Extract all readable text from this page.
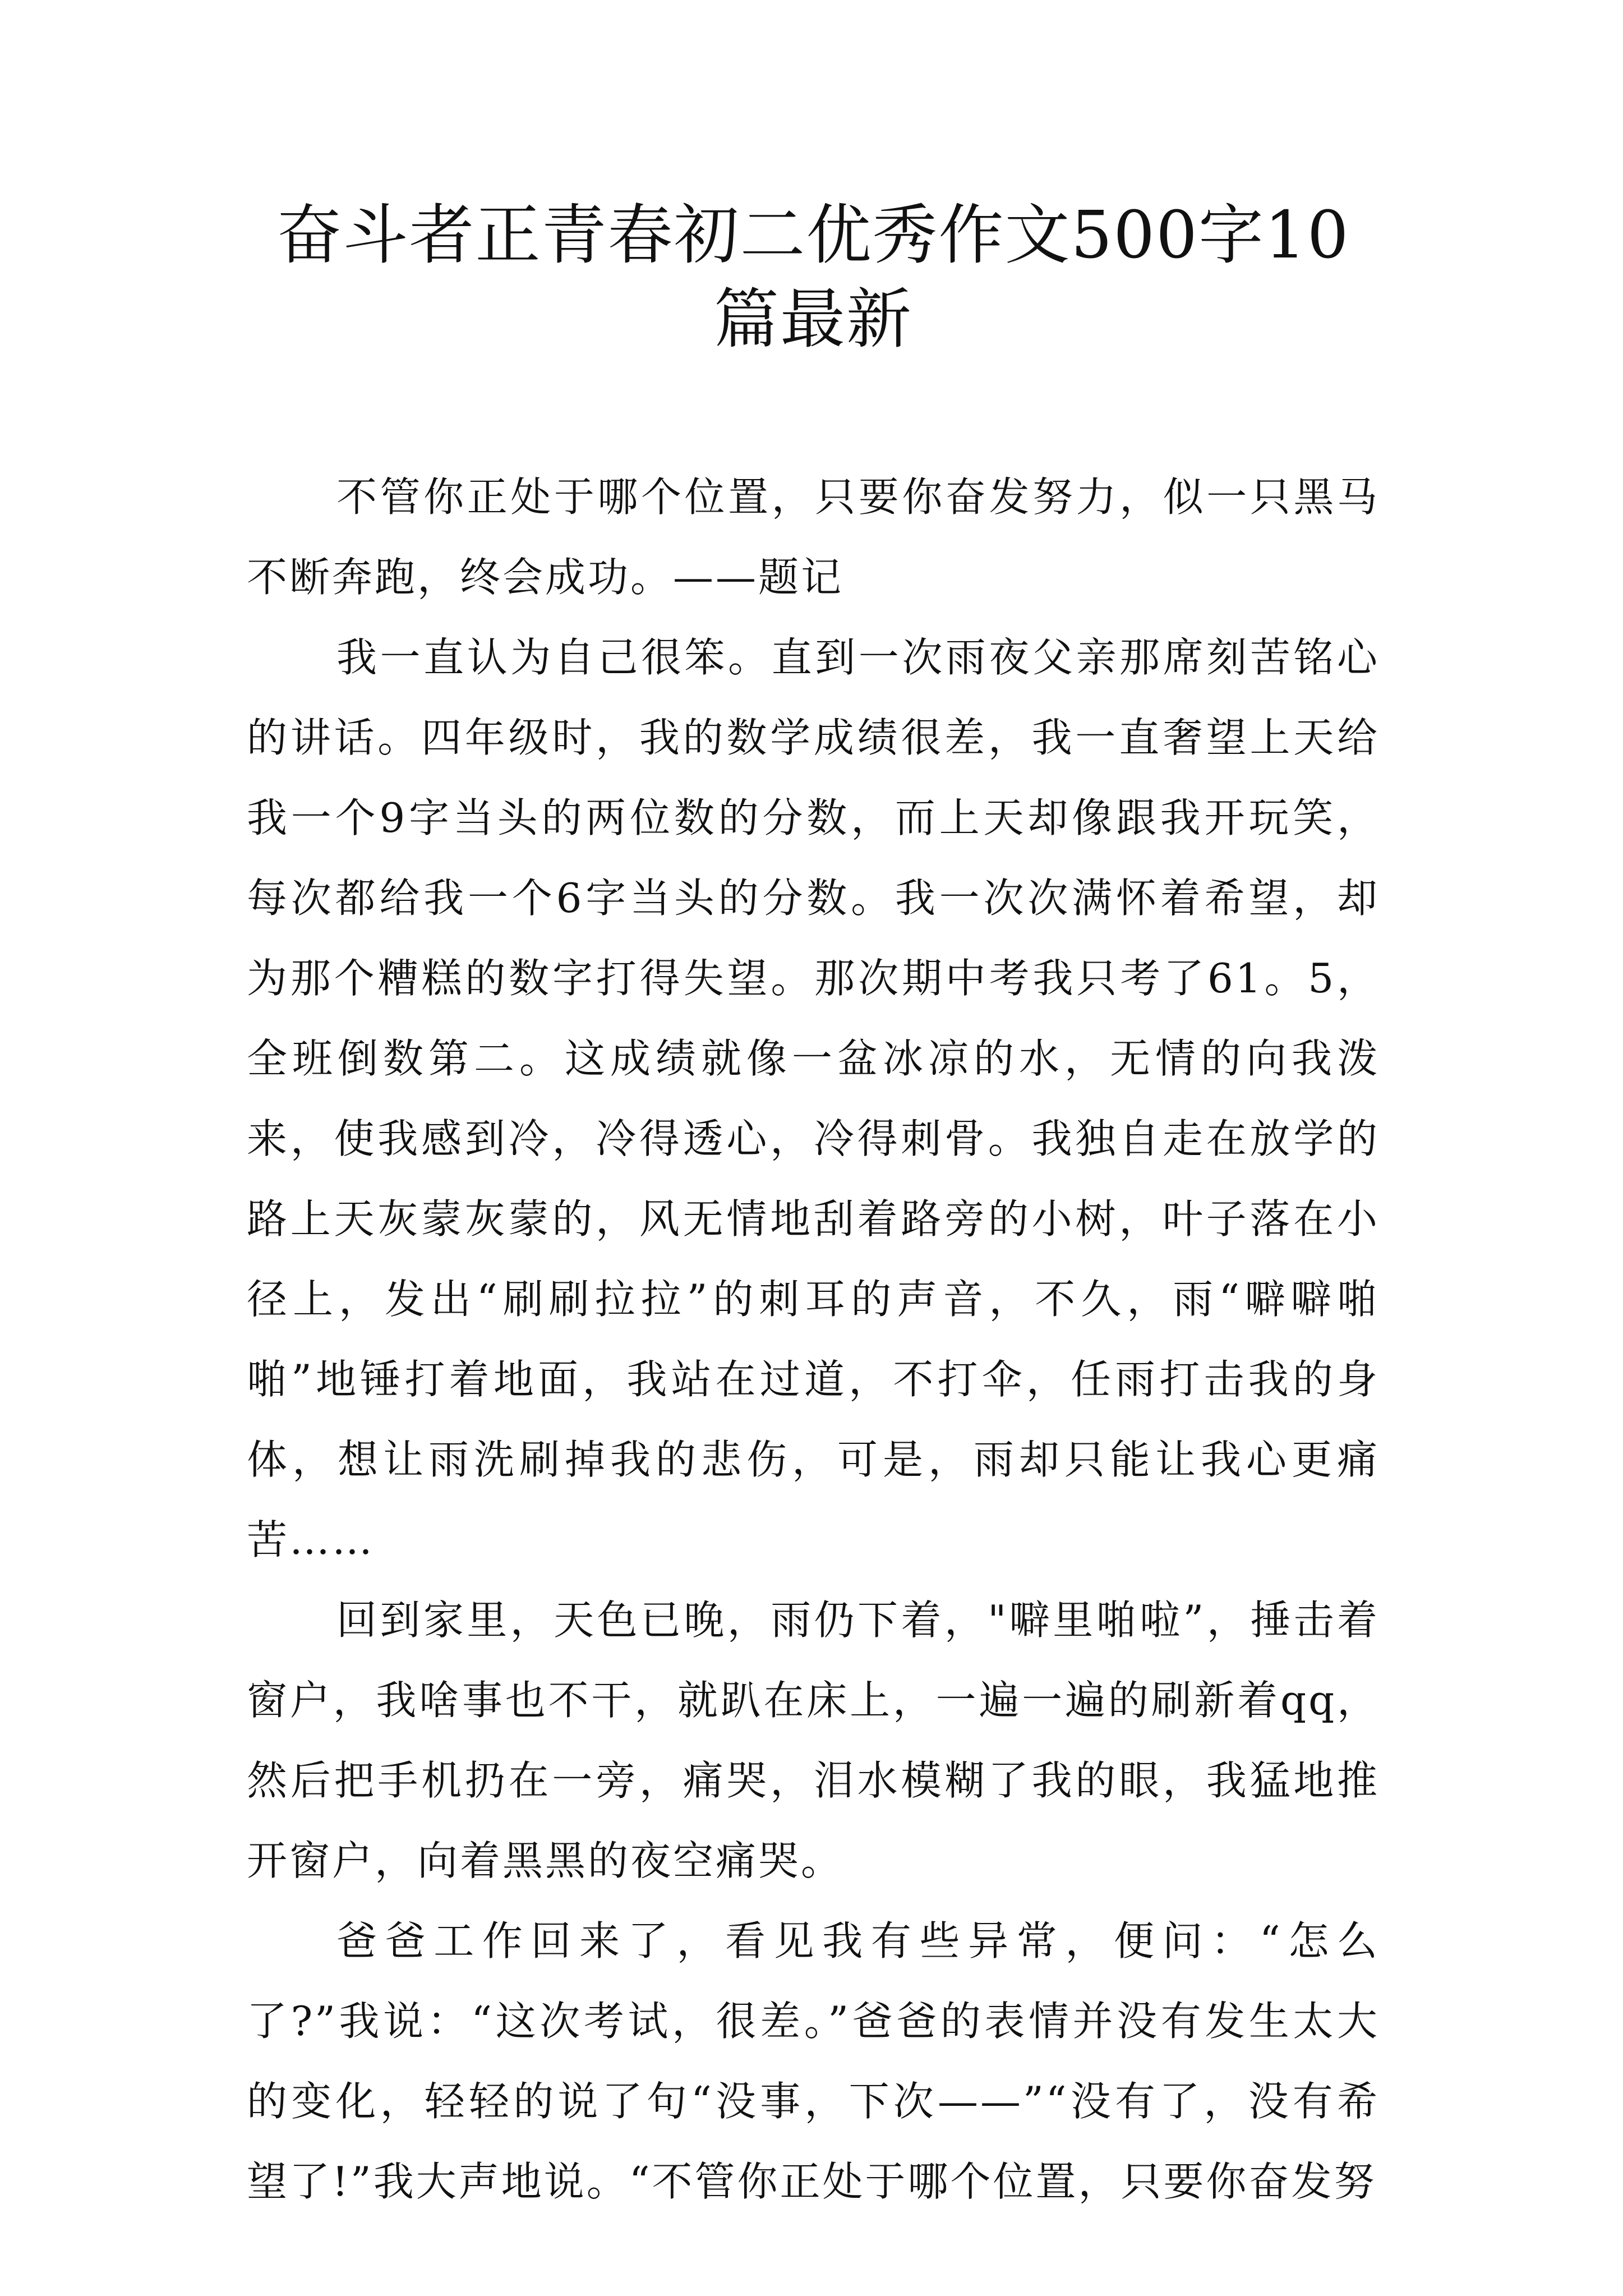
奋斗者正青春初二优秀作文500字10篇最新

不管你正处于哪个位置，只要你奋发努力，似一只黑马不断奔跑，终会成功。——题记

我一直认为自己很笨。直到一次雨夜父亲那席刻苦铭心的讲话。四年级时，我的数学成绩很差，我一直奢望上天给我一个9字当头的两位数的分数，而上天却像跟我开玩笑，每次都给我一个6字当头的分数。我一次次满怀着希望，却为那个糟糕的数字打得失望。那次期中考我只考了61。5，全班倒数第二。这成绩就像一盆冰凉的水，无情的向我泼来，使我感到冷，冷得透心，冷得刺骨。我独自走在放学的路上天灰蒙灰蒙的，风无情地刮着路旁的小树，叶子落在小径上，发出“刷刷拉拉”的刺耳的声音，不久，雨“噼噼啪啪”地锤打着地面，我站在过道，不打伞，任雨打击我的身体，想让雨洗刷掉我的悲伤，可是，雨却只能让我心更痛苦……

回到家里，天色已晚，雨仍下着，"噼里啪啦”，捶击着窗户，我啥事也不干，就趴在床上，一遍一遍的刷新着qq，然后把手机扔在一旁，痛哭，泪水模糊了我的眼，我猛地推开窗户，向着黑黑的夜空痛哭。

爸爸工作回来了，看见我有些异常，便问：“怎么了?”我说：“这次考试，很差。”爸爸的表情并没有发生太大的变化，轻轻的说了句“没事，下次——”“没有了，没有希望了!”我大声地说。“不管你正处于哪个位置，只要你奋发努
